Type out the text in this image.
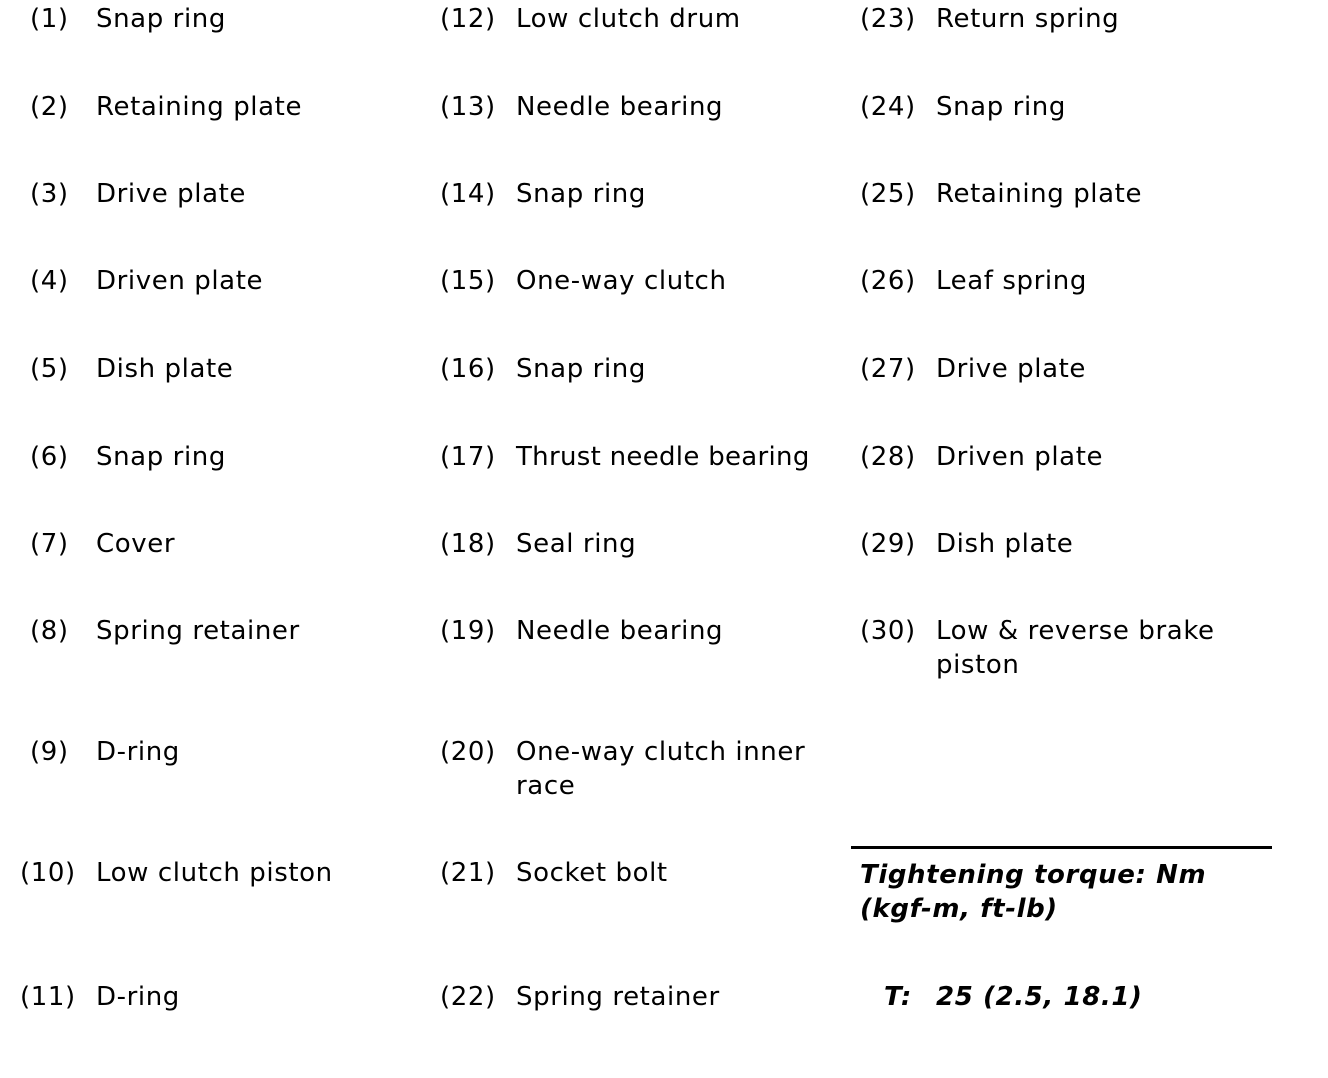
(1) Snap ring
(2) Retaining plate
(3) Drive plate
(4) Driven plate
(5) Dish plate
(6) Snap ring
(7) Cover
(8) Spring retainer
(9) D-ring
(10) Low clutch piston
(11) D-ring
(12) Low clutch drum
(13) Needle bearing
(14) Snap ring
(15) One-way clutch
(16) Snap ring
(17) Thrust needle bearing
(18) Seal ring
(19) Needle bearing
(20) One-way clutch inner race
(21) Socket bolt
(22) Spring retainer
(23) Return spring
(24) Snap ring
(25) Retaining plate
(26) Leaf spring
(27) Drive plate
(28) Driven plate
(29) Dish plate
(30) Low & reverse brake piston
Tightening torque: Nm (kgf-m, ft-lb)
T: 25 (2.5, 18.1)
